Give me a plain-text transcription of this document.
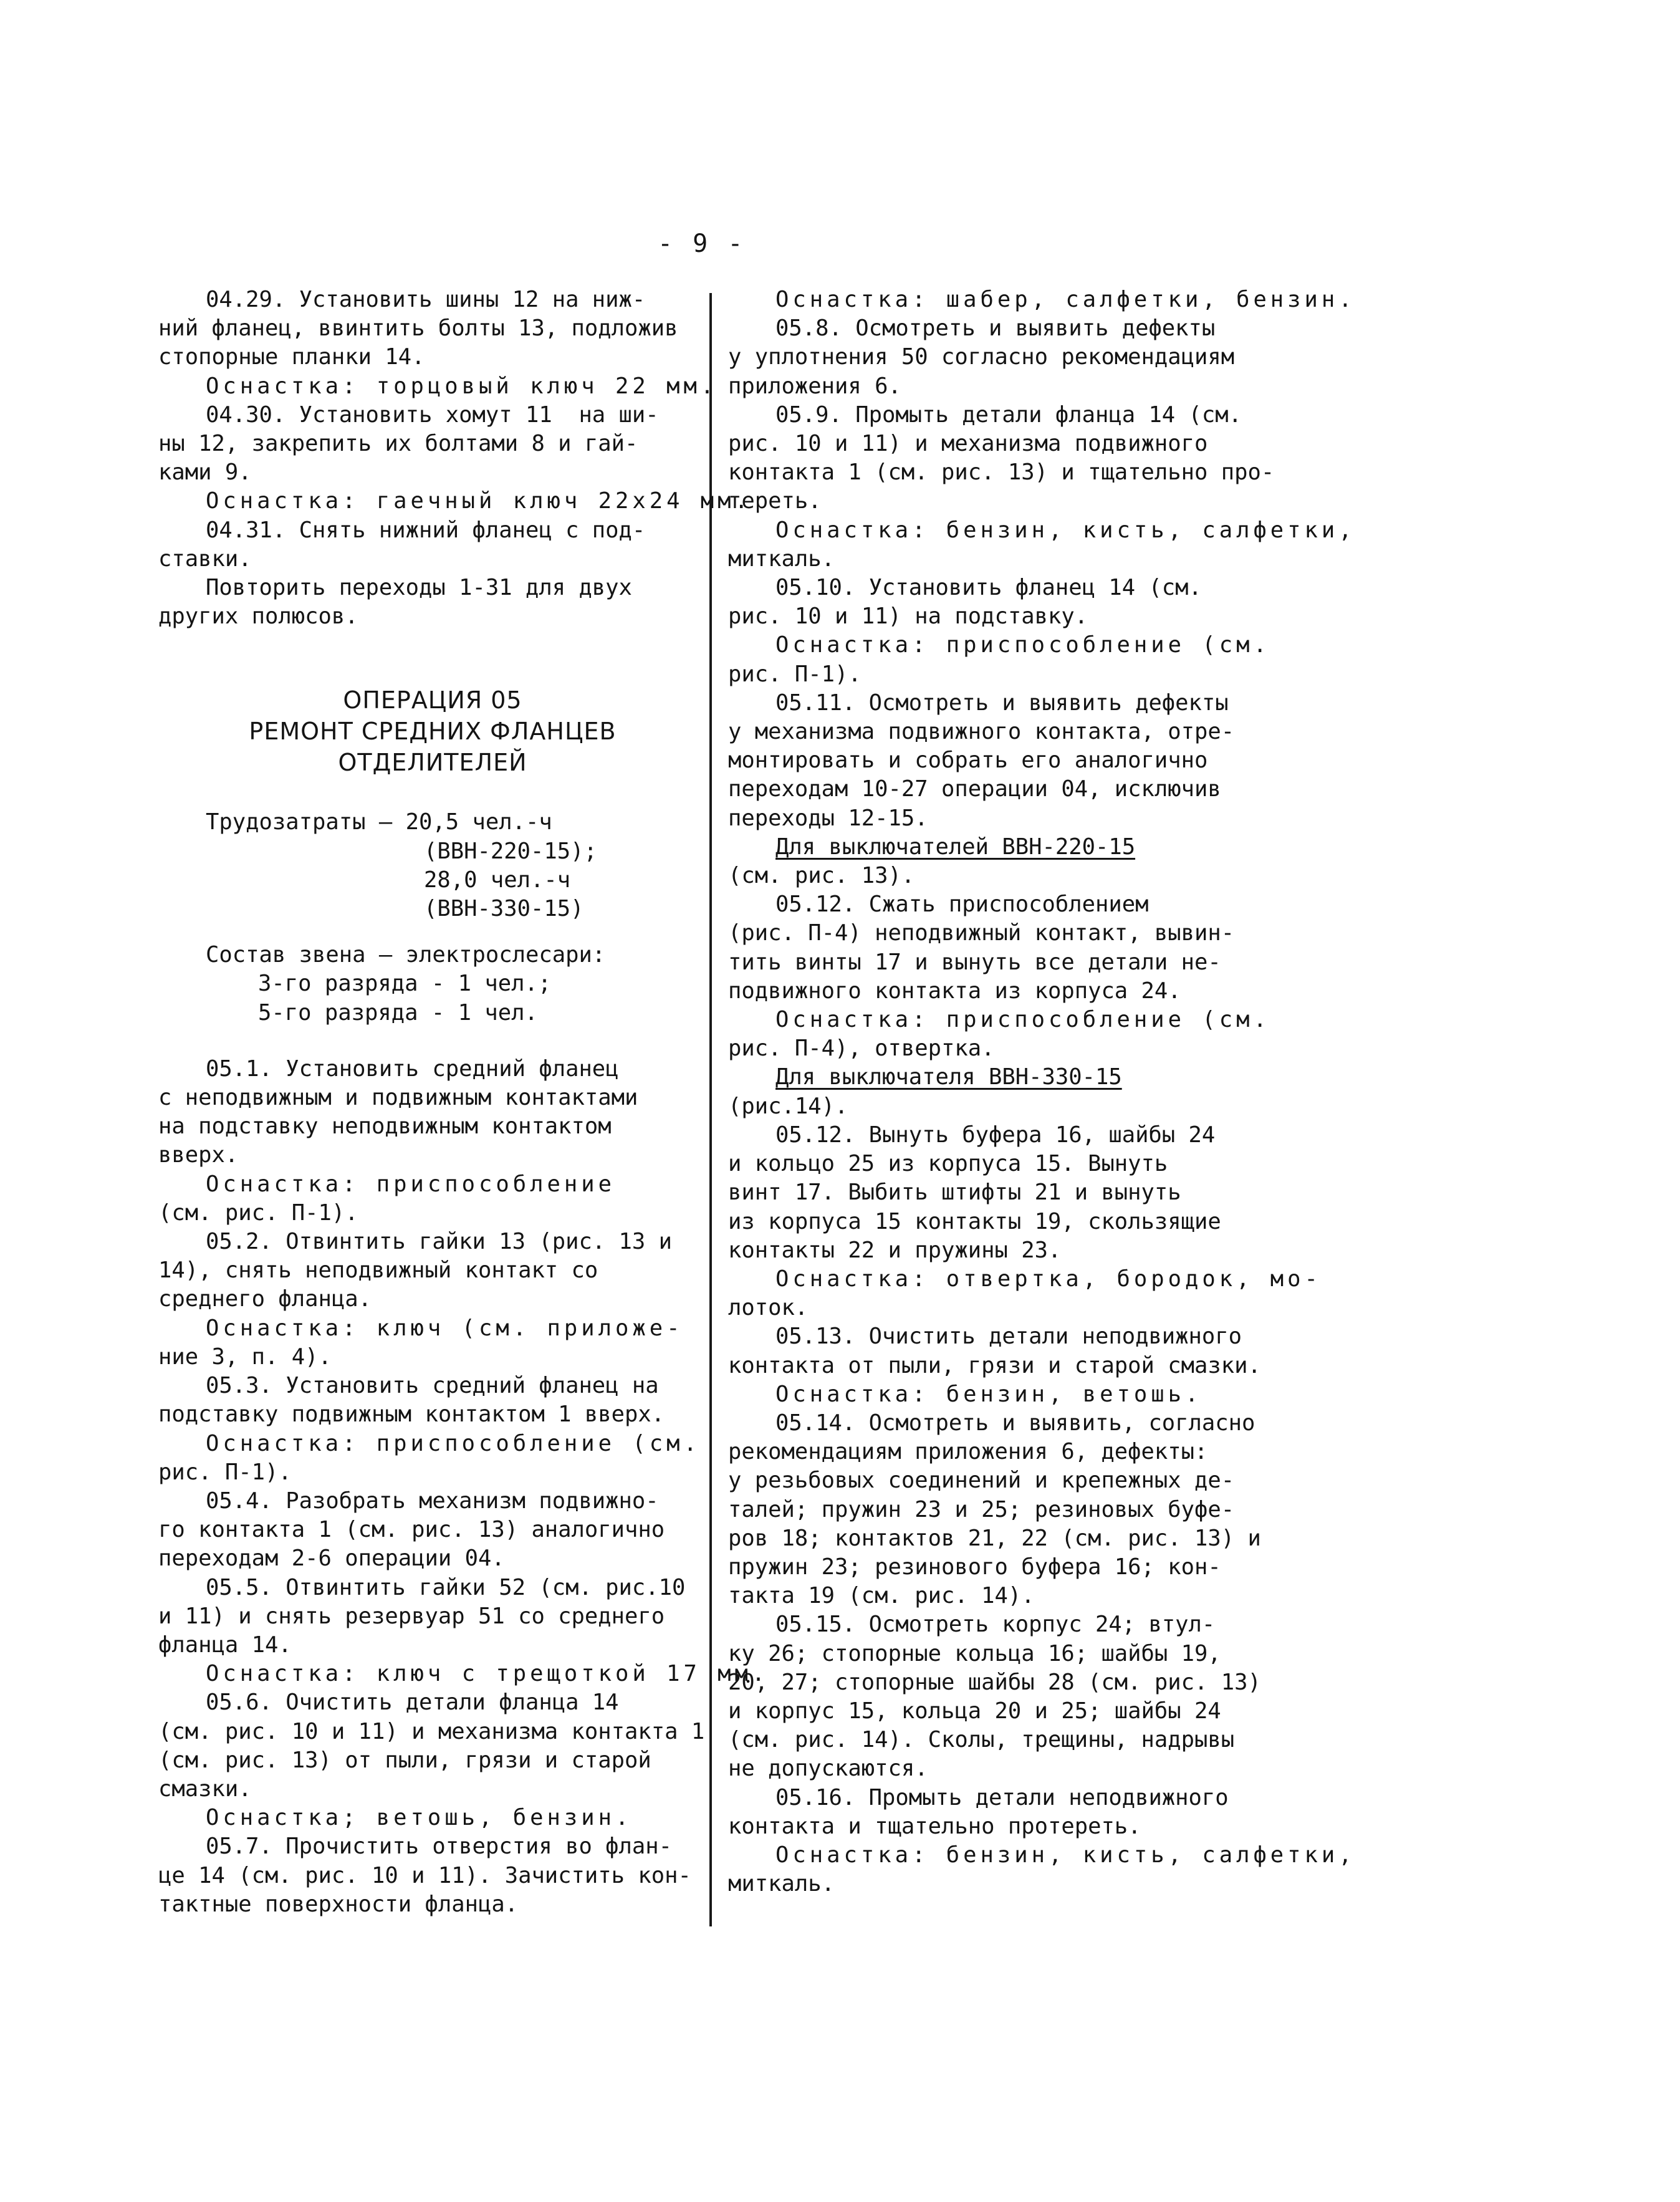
- 9 -

04.29. Установить шины 12 на ниж-

ний фланец, ввинтить болты 13, подложив

стопорные планки 14.

Оснастка: торцовый ключ 22 мм.

04.30. Установить хомут 11  на ши-

ны 12, закрепить их болтами 8 и гай-

ками 9.

Оснастка: гаечный ключ 22х24 мм.

04.31. Снять нижний фланец с под-

ставки.

Повторить переходы 1-31 для двух

других полюсов.

ОПЕРАЦИЯ 05
РЕМОНТ СРЕДНИХ ФЛАНЦЕВ
ОТДЕЛИТЕЛЕЙ

Трудозатраты — 20,5 чел.-ч

(ВВН-220-15);

28,0 чел.-ч

(ВВН-330-15)

Состав звена — электрослесари:

3-го разряда - 1 чел.;

5-го разряда - 1 чел.

05.1. Установить средний фланец

с неподвижным и подвижным контактами

на подставку неподвижным контактом

вверх.

Оснастка: приспособление

(см. рис. П-1).

05.2. Отвинтить гайки 13 (рис. 13 и

14), снять неподвижный контакт со

среднего фланца.

Оснастка: ключ (см. приложе-

ние 3, п. 4).

05.3. Установить средний фланец на

подставку подвижным контактом 1 вверх.

Оснастка: приспособление (см.

рис. П-1).

05.4. Разобрать механизм подвижно-

го контакта 1 (см. рис. 13) аналогично

переходам 2-6 операции 04.

05.5. Отвинтить гайки 52 (см. рис.10

и 11) и снять резервуар 51 со среднего

фланца 14.

Оснастка: ключ с трещоткой 17 мм.

05.6. Очистить детали фланца 14

(см. рис. 10 и 11) и механизма контакта 1

(см. рис. 13) от пыли, грязи и старой

смазки.

Оснастка; ветошь, бензин.

05.7. Прочистить отверстия во флан-

це 14 (см. рис. 10 и 11). Зачистить кон-

тактные поверхности фланца.

Оснастка: шабер, салфетки, бензин.

05.8. Осмотреть и выявить дефекты

у уплотнения 50 согласно рекомендациям

приложения 6.

05.9. Промыть детали фланца 14 (см.

рис. 10 и 11) и механизма подвижного

контакта 1 (см. рис. 13) и тщательно про-

тереть.

Оснастка: бензин, кисть, салфетки,

миткаль.

05.10. Установить фланец 14 (см.

рис. 10 и 11) на подставку.

Оснастка: приспособление (см.

рис. П-1).

05.11. Осмотреть и выявить дефекты

у механизма подвижного контакта, отре-

монтировать и собрать его аналогично

переходам 10-27 операции 04, исключив

переходы 12-15.

Для выключателей ВВН-220-15

(см. рис. 13).

05.12. Сжать приспособлением

(рис. П-4) неподвижный контакт, вывин-

тить винты 17 и вынуть все детали не-

подвижного контакта из корпуса 24.

Оснастка: приспособление (см.

рис. П-4), отвертка.

Для выключателя ВВН-330-15

(рис.14).

05.12. Вынуть буфера 16, шайбы 24

и кольцо 25 из корпуса 15. Вынуть

винт 17. Выбить штифты 21 и вынуть

из корпуса 15 контакты 19, скользящие

контакты 22 и пружины 23.

Оснастка: отвертка, бородок, мо-

лоток.

05.13. Очистить детали неподвижного

контакта от пыли, грязи и старой смазки.

Оснастка: бензин, ветошь.

05.14. Осмотреть и выявить, согласно

рекомендациям приложения 6, дефекты:

у резьбовых соединений и крепежных де-

талей; пружин 23 и 25; резиновых буфе-

ров 18; контактов 21, 22 (см. рис. 13) и

пружин 23; резинового буфера 16; кон-

такта 19 (см. рис. 14).

05.15. Осмотреть корпус 24; втул-

ку 26; стопорные кольца 16; шайбы 19,

20, 27; стопорные шайбы 28 (см. рис. 13)

и корпус 15, кольца 20 и 25; шайбы 24

(см. рис. 14). Сколы, трещины, надрывы

не допускаются.

05.16. Промыть детали неподвижного

контакта и тщательно протереть.

Оснастка: бензин, кисть, салфетки,

миткаль.
